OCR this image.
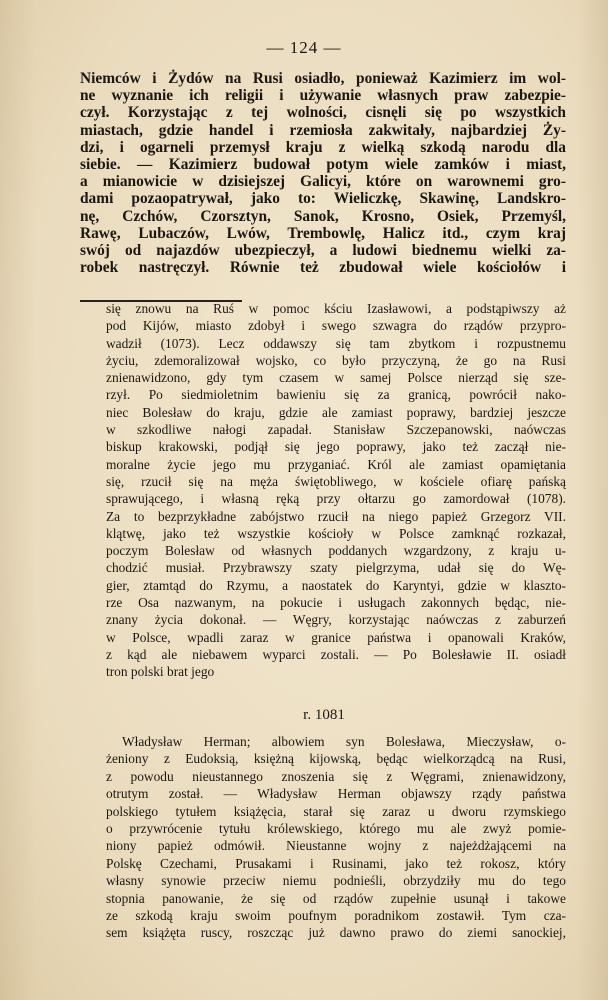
— 124 —
Niemców i Żydów na Rusi osiadło, ponieważ Kazimierz im wol-
ne wyznanie ich religii i używanie własnych praw zabezpie-
czył. Korzystając z tej wolności, cisnęli się po wszystkich
miastach, gdzie handel i rzemiosła zakwitały, najbardziej Ży-
dzi, i ogarneli przemysł kraju z wielką szkodą narodu dla
siebie. — Kazimierz budował potym wiele zamków i miast,
a mianowicie w dzisiejszej Galicyi, które on warownemi gro-
dami pozaopatrywał, jako to: Wieliczkę, Skawinę, Landskro-
nę, Czchów, Czorsztyn, Sanok, Krosno, Osiek, Przemyśl,
Rawę, Lubaczów, Lwów, Trembowlę, Halicz itd., czym kraj
swój od najazdów ubezpieczył, a ludowi biednemu wielki za-
robek nastręczył. Równie też zbudował wiele kościołów i
się znowu na Ruś w pomoc kściu Izasławowi, a podstąpiwszy aż
pod Kijów, miasto zdobył i swego szwagra do rządów przypro-
wadził (1073). Lecz oddawszy się tam zbytkom i rozpustnemu
życiu, zdemoralizował wojsko, co było przyczyną, że go na Rusi
znienawidzono, gdy tym czasem w samej Polsce nierząd się sze-
rzył. Po siedmioletnim bawieniu się za granicą, powrócił nako-
niec Bolesław do kraju, gdzie ale zamiast poprawy, bardziej jeszcze
w szkodliwe nałogi zapadał. Stanisław Szczepanowski, naówczas
biskup krakowski, podjął się jego poprawy, jako też zaczął nie-
moralne życie jego mu przyganiać. Król ale zamiast opamiętania
się, rzucił się na męża świętobliwego, w kościele ofiarę pańską
sprawującego, i własną ręką przy ołtarzu go zamordował (1078).
Za to bezprzykładne zabójstwo rzucił na niego papież Grzegorz VII.
klątwę, jako też wszystkie kościoły w Polsce zamknąć rozkazał,
poczym Bolesław od własnych poddanych wzgardzony, z kraju u-
chodzić musiał. Przybrawszy szaty pielgrzyma, udał się do Wę-
gier, ztamtąd do Rzymu, a naostatek do Karyntyi, gdzie w klaszto-
rze Osa nazwanym, na pokucie i usługach zakonnych będąc, nie-
znany życia dokonał. — Węgry, korzystając naówczas z zaburzeń
w Polsce, wpadli zaraz w granice państwa i opanowali Kraków,
z kąd ale niebawem wyparci zostali. — Po Bolesławie II. osiadł
tron polski brat jego
r. 1081
Władysław Herman; albowiem syn Bolesława, Mieczysław, o-
żeniony z Eudoksią, księżną kijowską, będąc wielkorządcą na Rusi,
z powodu nieustannego znoszenia się z Węgrami, znienawidzony,
otrutym został. — Władysław Herman objawszy rządy państwa
polskiego tytułem książęcia, starał się zaraz u dworu rzymskiego
o przywrócenie tytułu królewskiego, którego mu ale zwyż pomie-
niony papież odmówił. Nieustanne wojny z najeżdżającemi na
Polskę Czechami, Prusakami i Rusinami, jako też rokosz, który
własny synowie przeciw niemu podnieśli, obrzydziły mu do tego
stopnia panowanie, że się od rządów zupełnie usunął i takowe
ze szkodą kraju swoim poufnym poradnikom zostawił. Tym cza-
sem książęta ruscy, roszcząc już dawno prawo do ziemi sanockiej,
